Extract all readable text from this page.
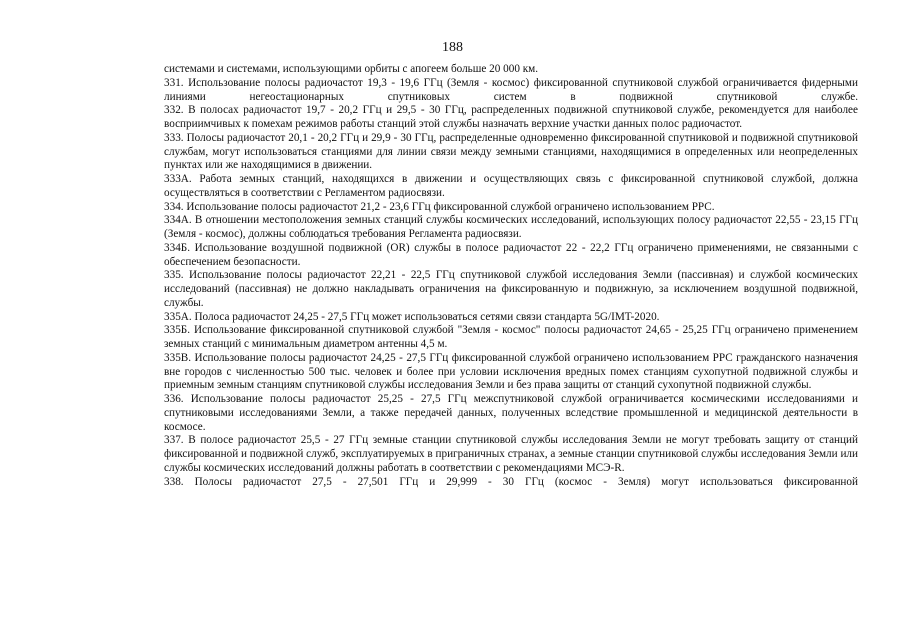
188

системами и системами, использующими орбиты с апогеем больше 20 000 км.

331. Использование полосы радиочастот 19,3 - 19,6 ГГц (Земля - космос) фиксированной спутниковой службой ограничивается фидерными линиями негеостационарных спутниковых систем в подвижной спутниковой службе.

332. В полосах радиочастот 19,7 - 20,2 ГГц и 29,5 - 30 ГГц, распределенных подвижной спутниковой службе, рекомендуется для наиболее восприимчивых к помехам режимов работы станций этой службы назначать верхние участки данных полос радиочастот.

333. Полосы радиочастот 20,1 - 20,2 ГГц и 29,9 - 30 ГГц, распределенные одновременно фиксированной спутниковой и подвижной спутниковой службам, могут использоваться станциями для линии связи между земными станциями, находящимися в определенных или неопределенных пунктах или же находящимися в движении.

333А. Работа земных станций, находящихся в движении и осуществляющих связь с фиксированной спутниковой службой, должна осуществляться в соответствии с Регламентом радиосвязи.

334. Использование полосы радиочастот 21,2 - 23,6 ГГц фиксированной службой ограничено использованием РРС.

334А. В отношении местоположения земных станций службы космических исследований, использующих полосу радиочастот 22,55 - 23,15 ГГц (Земля - космос), должны соблюдаться требования Регламента радиосвязи.

334Б. Использование воздушной подвижной (OR) службы в полосе радиочастот 22 - 22,2 ГГц ограничено применениями, не связанными с обеспечением безопасности.

335. Использование полосы радиочастот 22,21 - 22,5 ГГц спутниковой службой исследования Земли (пассивная) и службой космических исследований (пассивная) не должно накладывать ограничения на фиксированную и подвижную, за исключением воздушной подвижной, службы.

335А. Полоса радиочастот 24,25 - 27,5 ГГц может использоваться сетями связи стандарта 5G/IMT-2020.

335Б. Использование фиксированной спутниковой службой "Земля - космос" полосы радиочастот 24,65 - 25,25 ГГц ограничено применением земных станций с минимальным диаметром антенны 4,5 м.

335В. Использование полосы радиочастот 24,25 - 27,5 ГГц фиксированной службой ограничено использованием РРС гражданского назначения вне городов с численностью 500 тыс. человек и более при условии исключения вредных помех станциям сухопутной подвижной службы и приемным земным станциям спутниковой службы исследования Земли и без права защиты от станций сухопутной подвижной службы.

336. Использование полосы радиочастот 25,25 - 27,5 ГГц межспутниковой службой ограничивается космическими исследованиями и спутниковыми исследованиями Земли, а также передачей данных, полученных вследствие промышленной и медицинской деятельности в космосе.

337. В полосе радиочастот 25,5 - 27 ГГц земные станции спутниковой службы исследования Земли не могут требовать защиту от станций фиксированной и подвижной служб, эксплуатируемых в приграничных странах, а земные станции спутниковой службы исследования Земли или службы космических исследований должны работать в соответствии с рекомендациями МСЭ-R.

338. Полосы радиочастот 27,5 - 27,501 ГГц и 29,999 - 30 ГГц (космос - Земля) могут использоваться фиксированной
